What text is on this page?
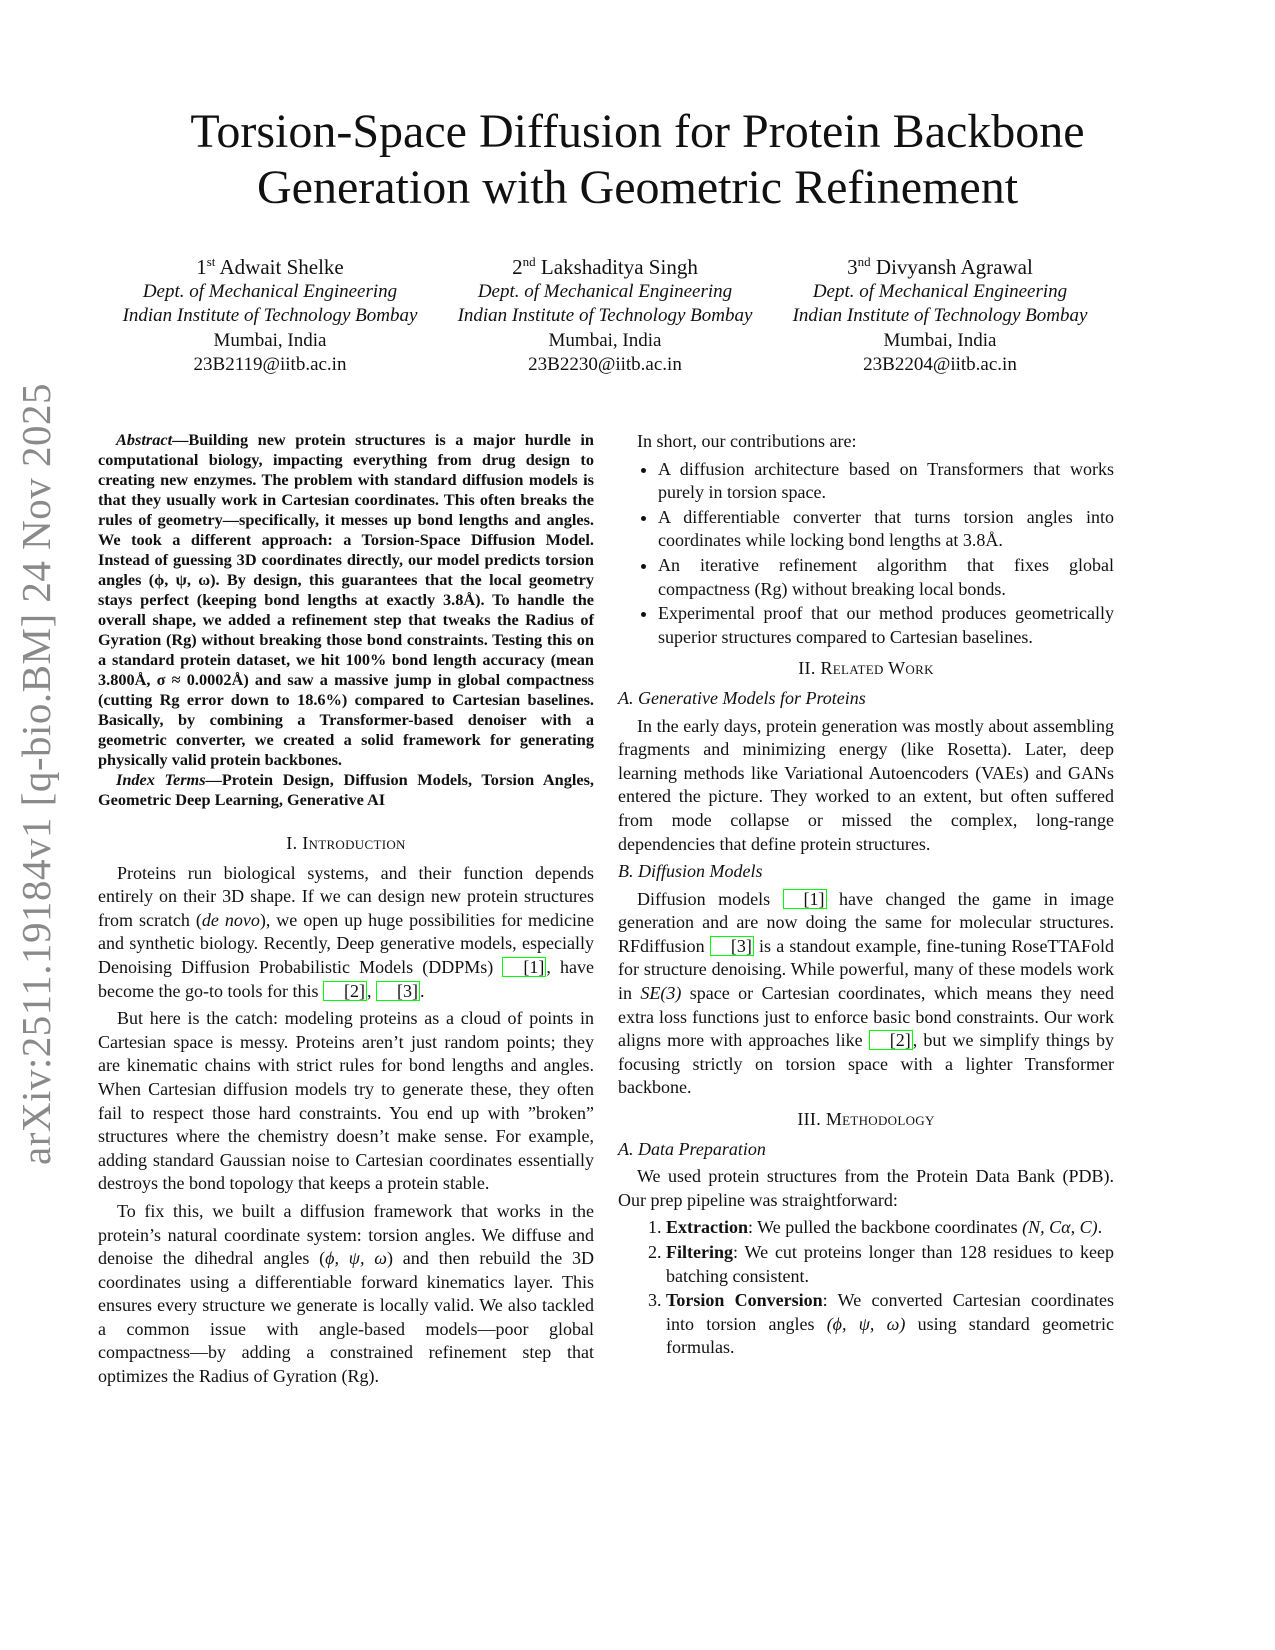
arXiv:2511.19184v1 [q-bio.BM] 24 Nov 2025
Torsion-Space Diffusion for Protein Backbone
Generation with Geometric Refinement
1st Adwait Shelke
Dept. of Mechanical Engineering
Indian Institute of Technology Bombay
Mumbai, India
23B2119@iitb.ac.in
2nd Lakshaditya Singh
Dept. of Mechanical Engineering
Indian Institute of Technology Bombay
Mumbai, India
23B2230@iitb.ac.in
3nd Divyansh Agrawal
Dept. of Mechanical Engineering
Indian Institute of Technology Bombay
Mumbai, India
23B2204@iitb.ac.in

Abstract—Building new protein structures is a major hurdle in computational biology, impacting everything from drug design to creating new enzymes. The problem with standard diffusion models is that they usually work in Cartesian coordinates. This often breaks the rules of geometry—specifically, it messes up bond lengths and angles. We took a different approach: a Torsion-Space Diffusion Model. Instead of guessing 3D coordinates directly, our model predicts torsion angles (ϕ, ψ, ω). By design, this guarantees that the local geometry stays perfect (keeping bond lengths at exactly 3.8Å). To handle the overall shape, we added a refinement step that tweaks the Radius of Gyration (Rg) without breaking those bond constraints. Testing this on a standard protein dataset, we hit 100% bond length accuracy (mean 3.800Å, σ ≈ 0.0002Å) and saw a massive jump in global compactness (cutting Rg error down to 18.6%) compared to Cartesian baselines. Basically, by combining a Transformer-based denoiser with a geometric converter, we created a solid framework for generating physically valid protein backbones.

Index Terms—Protein Design, Diffusion Models, Torsion Angles, Geometric Deep Learning, Generative AI

I. Introduction

Proteins run biological systems, and their function depends entirely on their 3D shape. If we can design new protein structures from scratch (de novo), we open up huge possibilities for medicine and synthetic biology. Recently, Deep generative models, especially Denoising Diffusion Probabilistic Models (DDPMs) [1] , have become the go-to tools for this [2] , [3] .

But here is the catch: modeling proteins as a cloud of points in Cartesian space is messy. Proteins aren’t just random points; they are kinematic chains with strict rules for bond lengths and angles. When Cartesian diffusion models try to generate these, they often fail to respect those hard constraints. You end up with ”broken” structures where the chemistry doesn’t make sense. For example, adding standard Gaussian noise to Cartesian coordinates essentially destroys the bond topology that keeps a protein stable.

To fix this, we built a diffusion framework that works in the protein’s natural coordinate system: torsion angles. We diffuse and denoise the dihedral angles (ϕ, ψ, ω) and then rebuild the 3D coordinates using a differentiable forward kinematics layer. This ensures every structure we generate is locally valid. We also tackled a common issue with angle-based models—poor global compactness—by adding a constrained refinement step that optimizes the Radius of Gyration (Rg).

In short, our contributions are:

• A diffusion architecture based on Transformers that works purely in torsion space.
• A differentiable converter that turns torsion angles into coordinates while locking bond lengths at 3.8Å.
• An iterative refinement algorithm that fixes global compactness (Rg) without breaking local bonds.
• Experimental proof that our method produces geometrically superior structures compared to Cartesian baselines.
II. Related Work
A. Generative Models for Proteins

In the early days, protein generation was mostly about assembling fragments and minimizing energy (like Rosetta). Later, deep learning methods like Variational Autoencoders (VAEs) and GANs entered the picture. They worked to an extent, but often suffered from mode collapse or missed the complex, long-range dependencies that define protein structures.

B. Diffusion Models

Diffusion models [1] have changed the game in image generation and are now doing the same for molecular structures. RFdiffusion [3] is a standout example, fine-tuning RoseTTAFold for structure denoising. While powerful, many of these models work in SE(3) space or Cartesian coordinates, which means they need extra loss functions just to enforce basic bond constraints. Our work aligns more with approaches like [2] , but we simplify things by focusing strictly on torsion space with a lighter Transformer backbone.

III. Methodology
A. Data Preparation

We used protein structures from the Protein Data Bank (PDB). Our prep pipeline was straightforward:

1. Extraction: We pulled the backbone coordinates (N, Cα, C).
2. Filtering: We cut proteins longer than 128 residues to keep batching consistent.
3. Torsion Conversion: We converted Cartesian coordinates into torsion angles (ϕ, ψ, ω) using standard geometric formulas.
